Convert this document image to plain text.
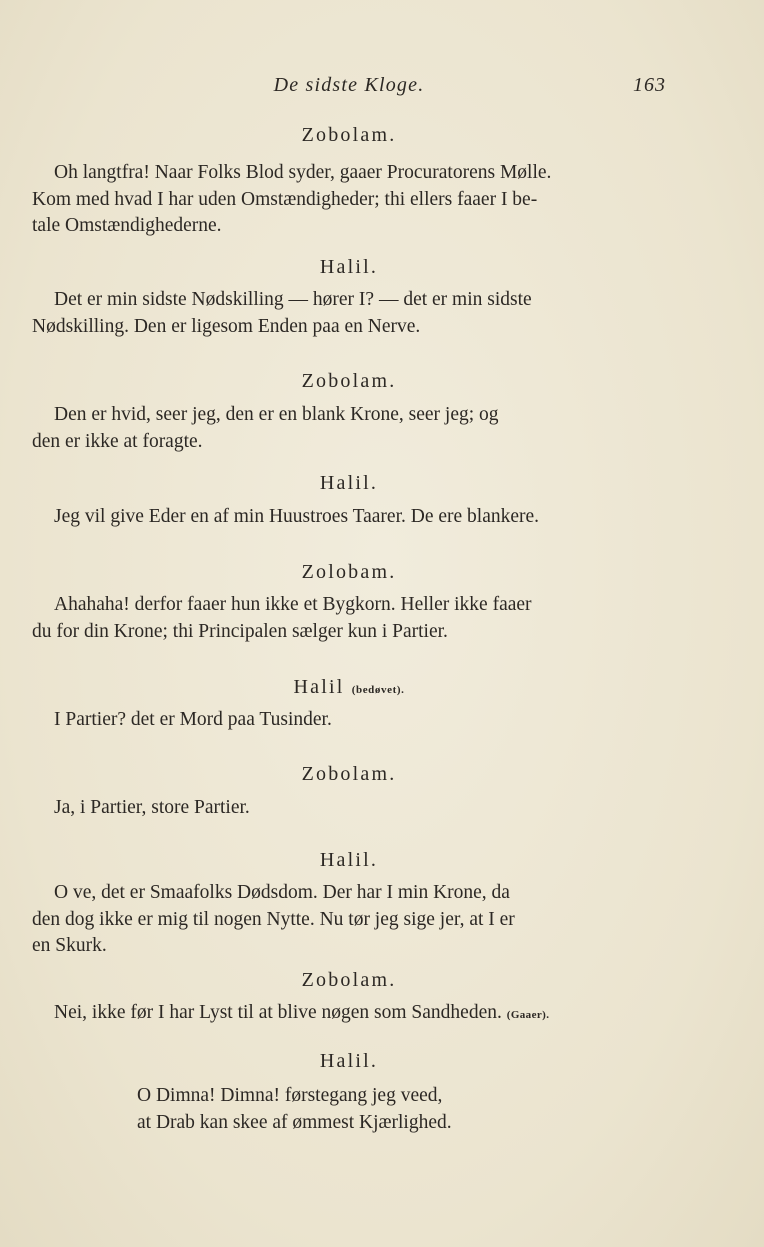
De sidste Kloge.	163
Zobolam.
Oh langtfra! Naar Folks Blod syder, gaaer Procuratorens Mølle.
Kom med hvad I har uden Omstændigheder; thi ellers faaer I be-
tale Omstændighederne.
Halil.
Det er min sidste Nødskilling — hører I? — det er min sidste
Nødskilling. Den er ligesom Enden paa en Nerve.
Zobolam.
Den er hvid, seer jeg, den er en blank Krone, seer jeg; og
den er ikke at foragte.
Halil.
Jeg vil give Eder en af min Huustroes Taarer. De ere blankere.
Zolobam.
Ahahaha! derfor faaer hun ikke et Bygkorn. Heller ikke faaer
du for din Krone; thi Principalen sælger kun i Partier.
Halil (bedøvet).
I Partier? det er Mord paa Tusinder.
Zobolam.
Ja, i Partier, store Partier.
Halil.
O ve, det er Smaafolks Dødsdom. Der har I min Krone, da
den dog ikke er mig til nogen Nytte. Nu tør jeg sige jer, at I er
en Skurk.
Zobolam.
Nei, ikke før I har Lyst til at blive nøgen som Sandheden. (Gaaer).
Halil.
O Dimna! Dimna! førstegang jeg veed,
at Drab kan skee af ømmest Kjærlighed.
